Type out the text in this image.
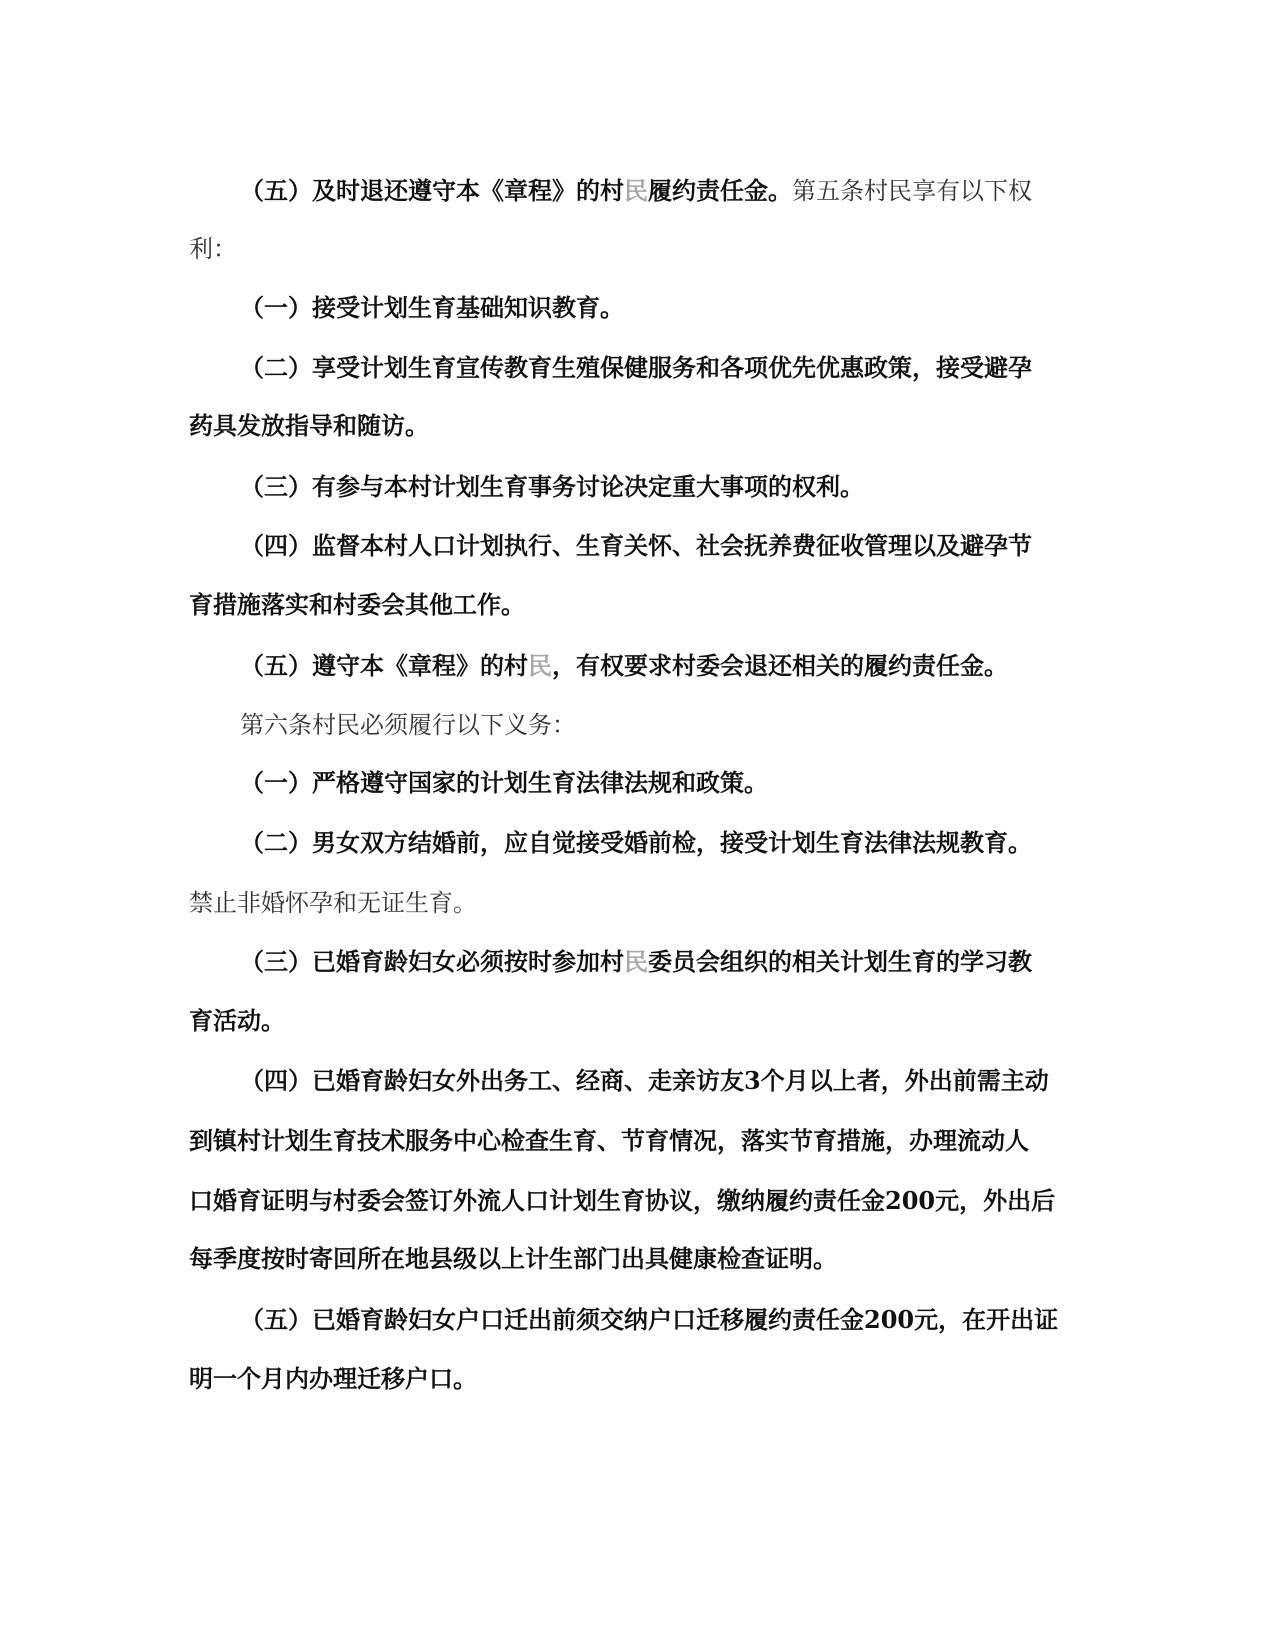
（五）及时退还遵守本《章程》的村民履约责任金。第五条村民享有以下权
利：
（一）接受计划生育基础知识教育。
（二）享受计划生育宣传教育生殖保健服务和各项优先优惠政策，接受避孕
药具发放指导和随访。
（三）有参与本村计划生育事务讨论决定重大事项的权利。
（四）监督本村人口计划执行、生育关怀、社会抚养费征收管理以及避孕节
育措施落实和村委会其他工作。
（五）遵守本《章程》的村民，有权要求村委会退还相关的履约责任金。
第六条村民必须履行以下义务：
（一）严格遵守国家的计划生育法律法规和政策。
（二）男女双方结婚前，应自觉接受婚前检，接受计划生育法律法规教育。
禁止非婚怀孕和无证生育。
（三）已婚育龄妇女必须按时参加村民委员会组织的相关计划生育的学习教
育活动。
（四）已婚育龄妇女外出务工、经商、走亲访友3个月以上者，外出前需主动
到镇村计划生育技术服务中心检查生育、节育情况，落实节育措施，办理流动人
口婚育证明与村委会签订外流人口计划生育协议，缴纳履约责任金200元，外出后
每季度按时寄回所在地县级以上计生部门出具健康检查证明。
（五）已婚育龄妇女户口迁出前须交纳户口迁移履约责任金200元，在开出证
明一个月内办理迁移户口。
